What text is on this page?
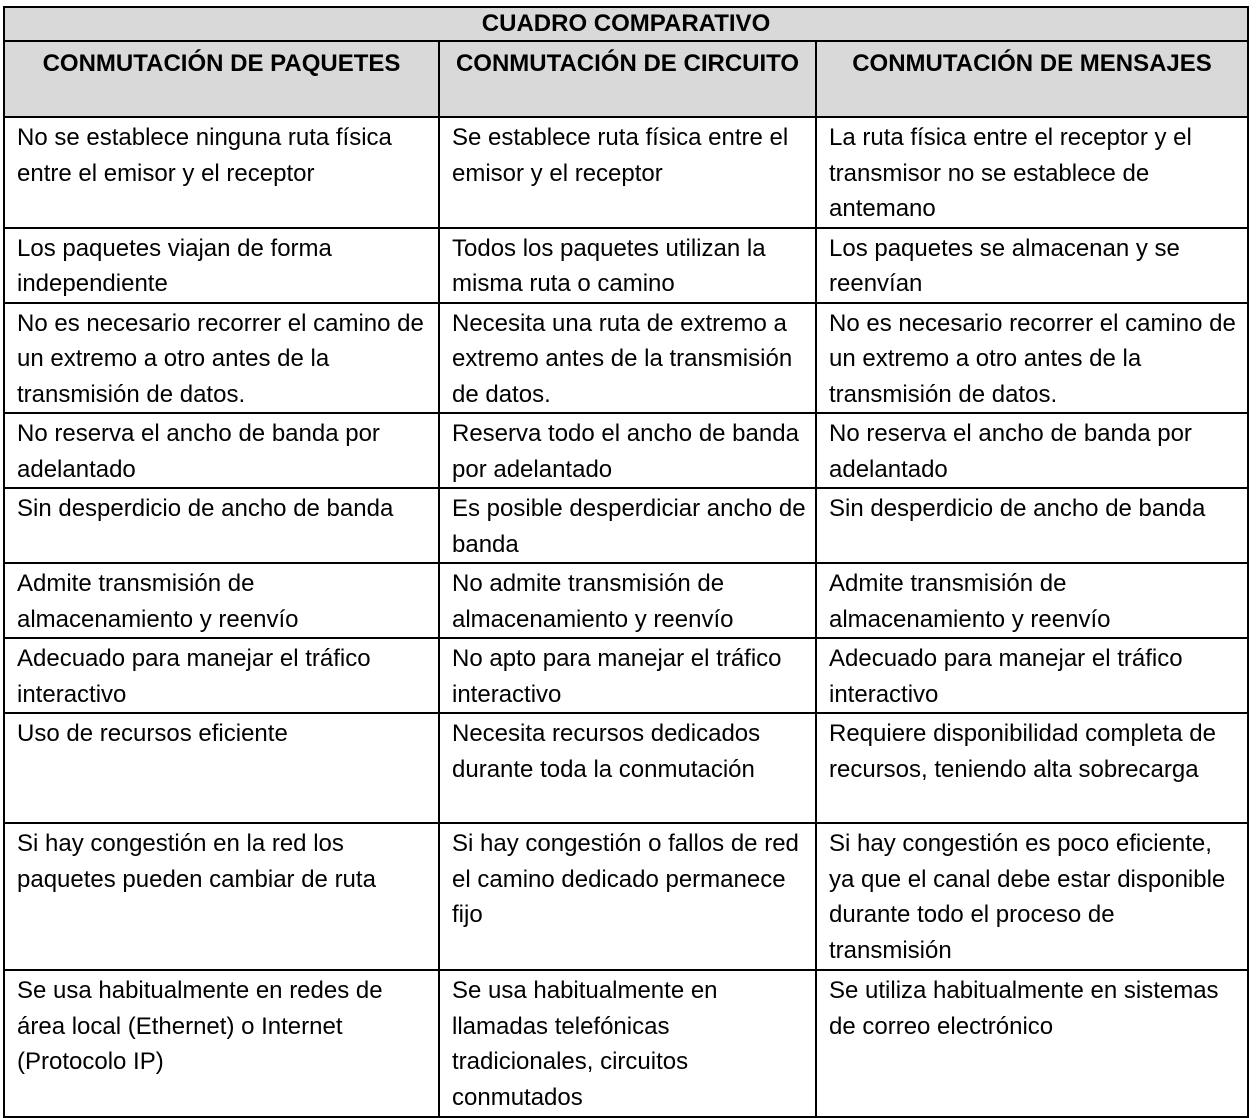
CUADRO COMPARATIVO		
CONMUTACIÓN DE PAQUETES	CONMUTACIÓN DE CIRCUITO	CONMUTACIÓN DE MENSAJES
No se establece ninguna ruta física entre el emisor y el receptor	Se establece ruta física entre el emisor y el receptor	La ruta física entre el receptor y el transmisor no se establece de antemano
Los paquetes viajan de forma independiente	Todos los paquetes utilizan la misma ruta o camino	Los paquetes se almacenan y se reenvían
No es necesario recorrer el camino de un extremo a otro antes de la transmisión de datos.	Necesita una ruta de extremo a extremo antes de la transmisión de datos.	No es necesario recorrer el camino de un extremo a otro antes de la transmisión de datos.
No reserva el ancho de banda por adelantado	Reserva todo el ancho de banda por adelantado	No reserva el ancho de banda por adelantado
Sin desperdicio de ancho de banda	Es posible desperdiciar ancho de banda	Sin desperdicio de ancho de banda
Admite transmisión de almacenamiento y reenvío	No admite transmisión de almacenamiento y reenvío	Admite transmisión de almacenamiento y reenvío
Adecuado para manejar el tráfico interactivo	No apto para manejar el tráfico interactivo	Adecuado para manejar el tráfico interactivo
Uso de recursos eficiente	Necesita recursos dedicados durante toda la conmutación	Requiere disponibilidad completa de recursos, teniendo alta sobrecarga
Si hay congestión en la red los paquetes pueden cambiar de ruta	Si hay congestión o fallos de red el camino dedicado permanece fijo	Si hay congestión es poco eficiente, ya que el canal debe estar disponible durante todo el proceso de transmisión
Se usa habitualmente en redes de área local (Ethernet) o Internet (Protocolo IP)	Se usa habitualmente en llamadas telefónicas tradicionales, circuitos conmutados	Se utiliza habitualmente en sistemas de correo electrónico
